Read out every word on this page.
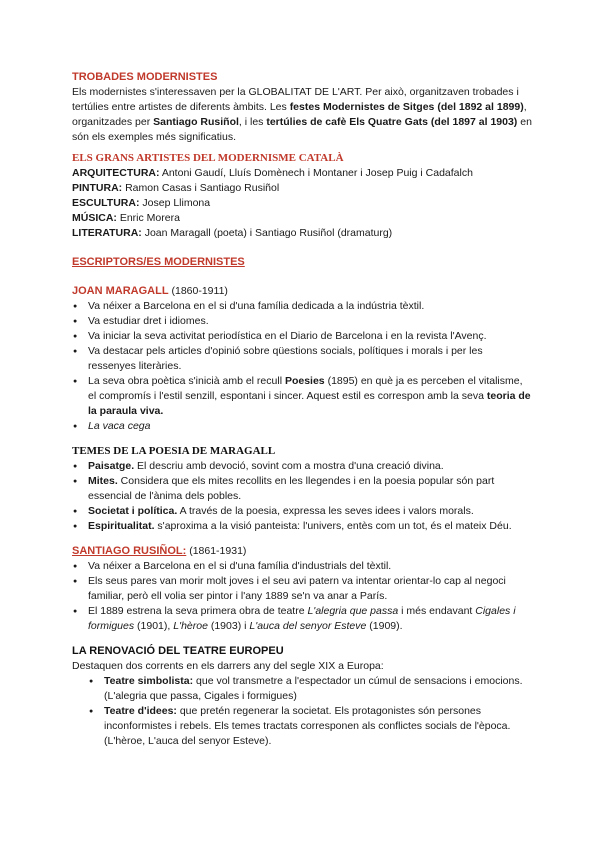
TROBADES MODERNISTES

Els modernistes s'interessaven per la GLOBALITAT DE L'ART. Per això, organitzaven trobades i tertúlies entre artistes de diferents àmbits. Les festes Modernistes de Sitges (del 1892 al 1899), organitzades per Santiago Rusiñol, i les tertúlies de cafè Els Quatre Gats (del 1897 al 1903) en són els exemples més significatius.

ELS GRANS ARTISTES DEL MODERNISME CATALÀ

ARQUITECTURA: Antoni Gaudí, Lluís Domènech i Montaner i Josep Puig i Cadafalch

PINTURA: Ramon Casas i Santiago Rusiñol

ESCULTURA: Josep Llimona

MÚSICA: Enric Morera

LITERATURA: Joan Maragall (poeta) i Santiago Rusiñol (dramaturg)

ESCRIPTORS/ES MODERNISTES

JOAN MARAGALL (1860-1911)

● Va néixer a Barcelona en el si d'una família dedicada a la indústria tèxtil.
● Va estudiar dret i idiomes.
● Va iniciar la seva activitat periodística en el Diario de Barcelona i en la revista l'Avenç.
● Va destacar pels articles d'opinió sobre qüestions socials, polítiques i morals i per les ressenyes literàries.
● La seva obra poètica s'inicià amb el recull Poesies (1895) en què ja es perceben el vitalisme, el compromís i l'estil senzill, espontani i sincer. Aquest estil es correspon amb la seva teoria de la paraula viva.
● La vaca cega
TEMES DE LA POESIA DE MARAGALL
● Paisatge. El descriu amb devoció, sovint com a mostra d'una creació divina.
● Mites. Considera que els mites recollits en les llegendes i en la poesia popular són part essencial de l'ànima dels pobles.
● Societat i política. A través de la poesia, expressa les seves idees i valors morals.
● Espiritualitat. s'aproxima a la visió panteista: l'univers, entès com un tot, és el mateix Déu.

SANTIAGO RUSIÑOL: (1861-1931)

● Va néixer a Barcelona en el si d'una família d'industrials del tèxtil.
● Els seus pares van morir molt joves i el seu avi patern va intentar orientar-lo cap al negoci familiar, però ell volia ser pintor i l'any 1889 se'n va anar a París.
● El 1889 estrena la seva primera obra de teatre L'alegria que passa i més endavant Cigales i formigues (1901), L'hèroe (1903) i L'auca del senyor Esteve (1909).
LA RENOVACIÓ DEL TEATRE EUROPEU

Destaquen dos corrents en els darrers any del segle XIX a Europa:

● Teatre simbolista: que vol transmetre a l'espectador un cúmul de sensacions i emocions. (L'alegria que passa, Cigales i formigues)
● Teatre d'idees: que pretén regenerar la societat. Els protagonistes són persones inconformistes i rebels. Els temes tractats corresponen als conflictes socials de l'època.(L'hèroe, L'auca del senyor Esteve).
